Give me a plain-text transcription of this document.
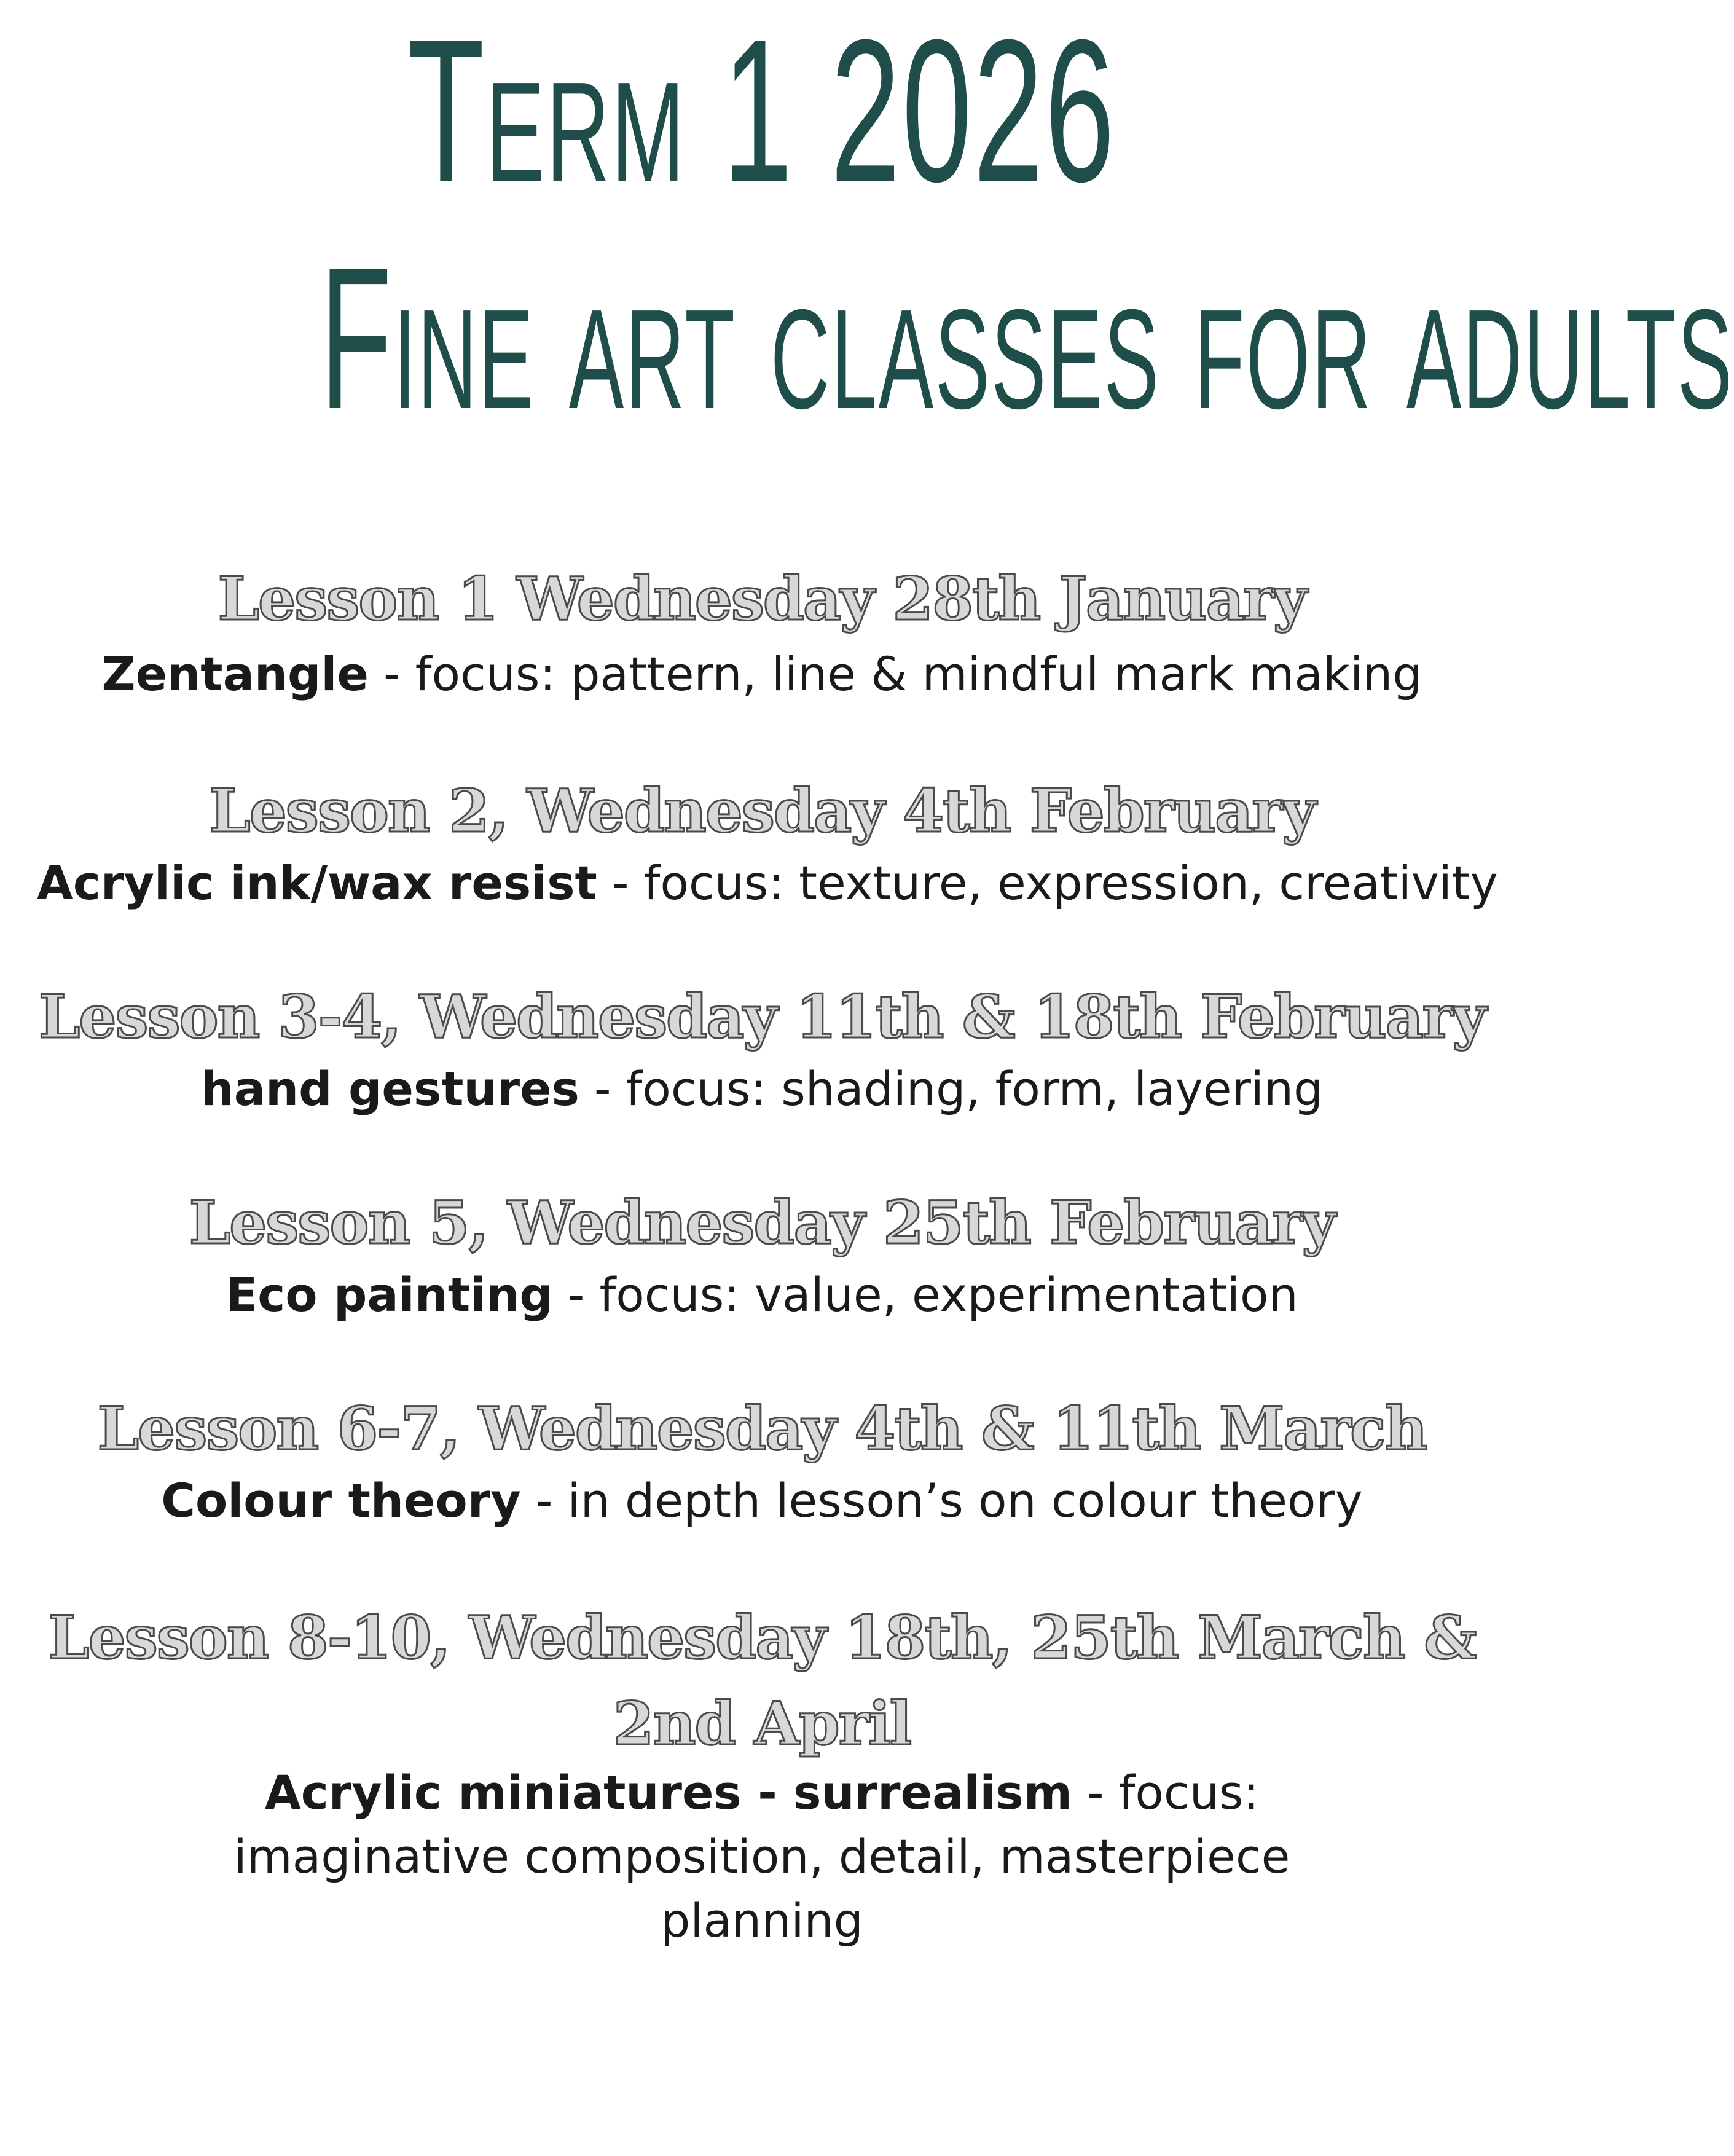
Term 1 2026
Fine art classes for adults
Lesson 1 Wednesday 28th January
Zentangle - focus: pattern, line & mindful mark making
Lesson 2, Wednesday 4th February
Acrylic ink/wax resist - focus: texture, expression, creativity
Lesson 3-4, Wednesday 11th & 18th February
hand gestures - focus: shading, form, layering
Lesson 5, Wednesday 25th February
Eco painting - focus: value, experimentation
Lesson 6-7, Wednesday 4th & 11th March
Colour theory - in depth lesson’s on colour theory
Lesson 8-10, Wednesday 18th, 25th March & 2nd April
Acrylic miniatures - surrealism - focus: imaginative composition, detail, masterpiece planning
